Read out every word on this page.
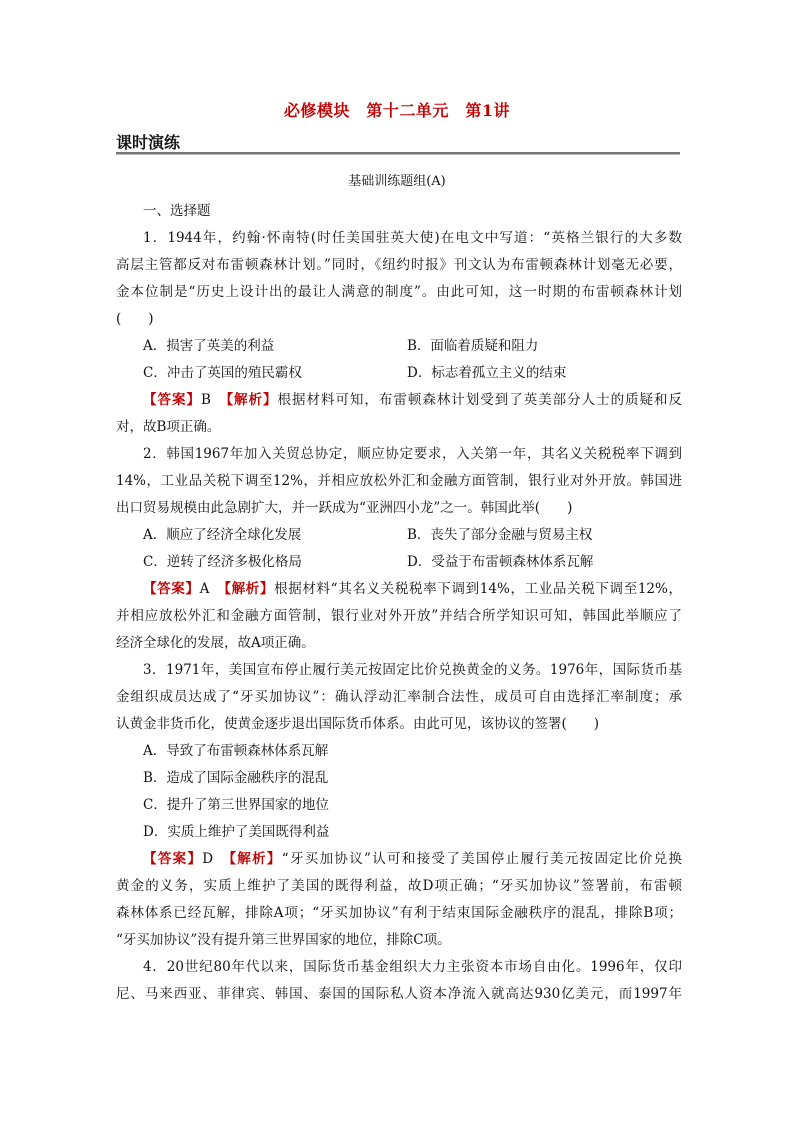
必修模块　第十二单元　第1讲
课时演练
基础训练题组(A)
一、选择题
1．1944年，约翰·怀南特(时任美国驻英大使)在电文中写道：“英格兰银行的大多数
高层主管都反对布雷顿森林计划。”同时，《纽约时报》刊文认为布雷顿森林计划毫无必要，
金本位制是“历史上设计出的最让人满意的制度”。由此可知，这一时期的布雷顿森林计划
(　　)
A．损害了英美的利益	B．面临着质疑和阻力
C．冲击了英国的殖民霸权	D．标志着孤立主义的结束
【答案】B　 【解析】根据材料可知，布雷顿森林计划受到了英美部分人士的质疑和反
对，故B项正确。
2．韩国1967年加入关贸总协定，顺应协定要求，入关第一年，其名义关税税率下调到
14%，工业品关税下调至12%，并相应放松外汇和金融方面管制，银行业对外开放。韩国进
出口贸易规模由此急剧扩大，并一跃成为“亚洲四小龙”之一。韩国此举(　　)
A．顺应了经济全球化发展	B．丧失了部分金融与贸易主权
C．逆转了经济多极化格局	D．受益于布雷顿森林体系瓦解
【答案】A　 【解析】根据材料“其名义关税税率下调到14%，工业品关税下调至12%，
并相应放松外汇和金融方面管制，银行业对外开放”并结合所学知识可知，韩国此举顺应了
经济全球化的发展，故A项正确。
3．1971年，美国宣布停止履行美元按固定比价兑换黄金的义务。1976年，国际货币基
金组织成员达成了“牙买加协议”：确认浮动汇率制合法性，成员可自由选择汇率制度；承
认黄金非货币化，使黄金逐步退出国际货币体系。由此可见，该协议的签署(　　)
A．导致了布雷顿森林体系瓦解
B．造成了国际金融秩序的混乱
C．提升了第三世界国家的地位
D．实质上维护了美国既得利益
【答案】D　 【解析】“牙买加协议”认可和接受了美国停止履行美元按固定比价兑换
黄金的义务，实质上维护了美国的既得利益，故D项正确；“牙买加协议”签署前，布雷顿
森林体系已经瓦解，排除A项；“牙买加协议”有利于结束国际金融秩序的混乱，排除B项；
“牙买加协议”没有提升第三世界国家的地位，排除C项。
4．20世纪80年代以来，国际货币基金组织大力主张资本市场自由化。1996年，仅印
尼、马来西亚、菲律宾、韩国、泰国的国际私人资本净流入就高达930亿美元，而1997年
